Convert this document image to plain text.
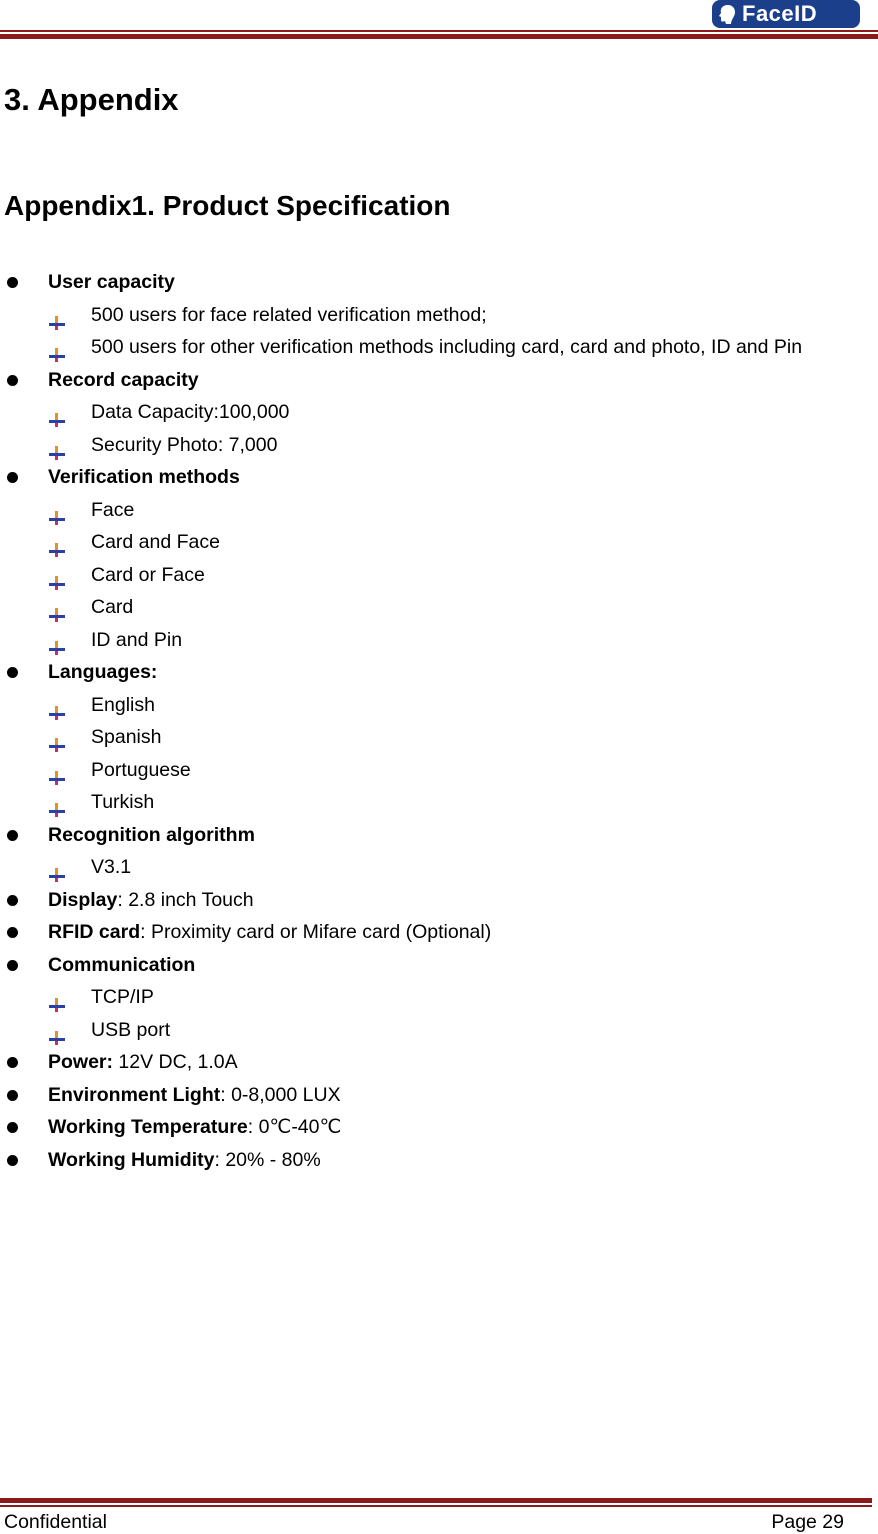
FaceID
3. Appendix
Appendix1. Product Specification
User capacity
500 users for face related verification method;
500 users for other verification methods including card, card and photo, ID and Pin
Record capacity
Data Capacity:100,000
Security Photo: 7,000
Verification methods
Face
Card and Face
Card or Face
Card
ID and Pin
Languages:
English
Spanish
Portuguese
Turkish
Recognition algorithm
V3.1
Display: 2.8 inch Touch
RFID card: Proximity card or Mifare card (Optional)
Communication
TCP/IP
USB port
Power: 12V DC, 1.0A
Environment Light: 0-8,000 LUX
Working Temperature: 0℃-40℃
Working Humidity: 20% - 80%
Confidential	Page 29
